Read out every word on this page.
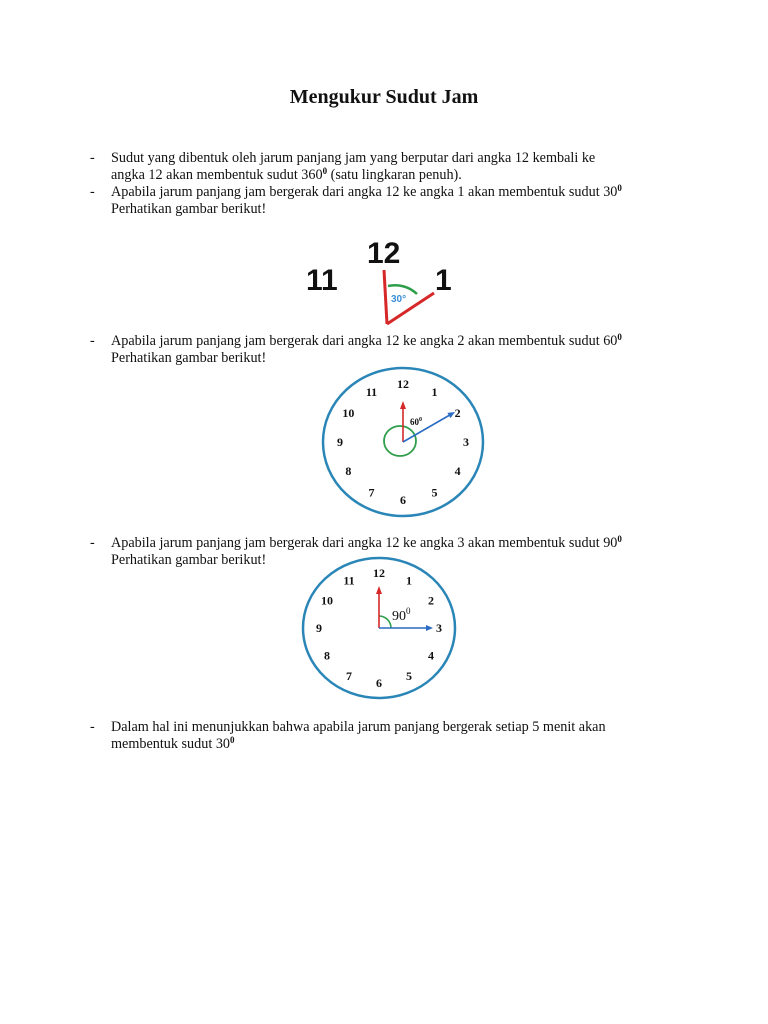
Mengukur Sudut Jam
- Sudut yang dibentuk oleh jarum panjang jam yang berputar dari angka 12 kembali ke
angka 12 akan membentuk sudut $360^0$ (satu lingkaran penuh).
- Apabila jarum panjang jam bergerak dari angka 12 ke angka 1 akan membentuk sudut $30^0$
Perhatikan gambar berikut!
11
12
1
30°
- Apabila jarum panjang jam bergerak dari angka 12 ke angka 2 akan membentuk sudut $60^0$
Perhatikan gambar berikut!
12
1
2
3
4
5
6
7
8
9
10
11
$60^0$
- Apabila jarum panjang jam bergerak dari angka 12 ke angka 3 akan membentuk sudut $90^0$
Perhatikan gambar berikut!
12
1
2
3
4
5
6
7
8
9
10
11
$90^0$
- Dalam hal ini menunjukkan bahwa apabila jarum panjang bergerak setiap 5 menit akan
membentuk sudut $30^0$
